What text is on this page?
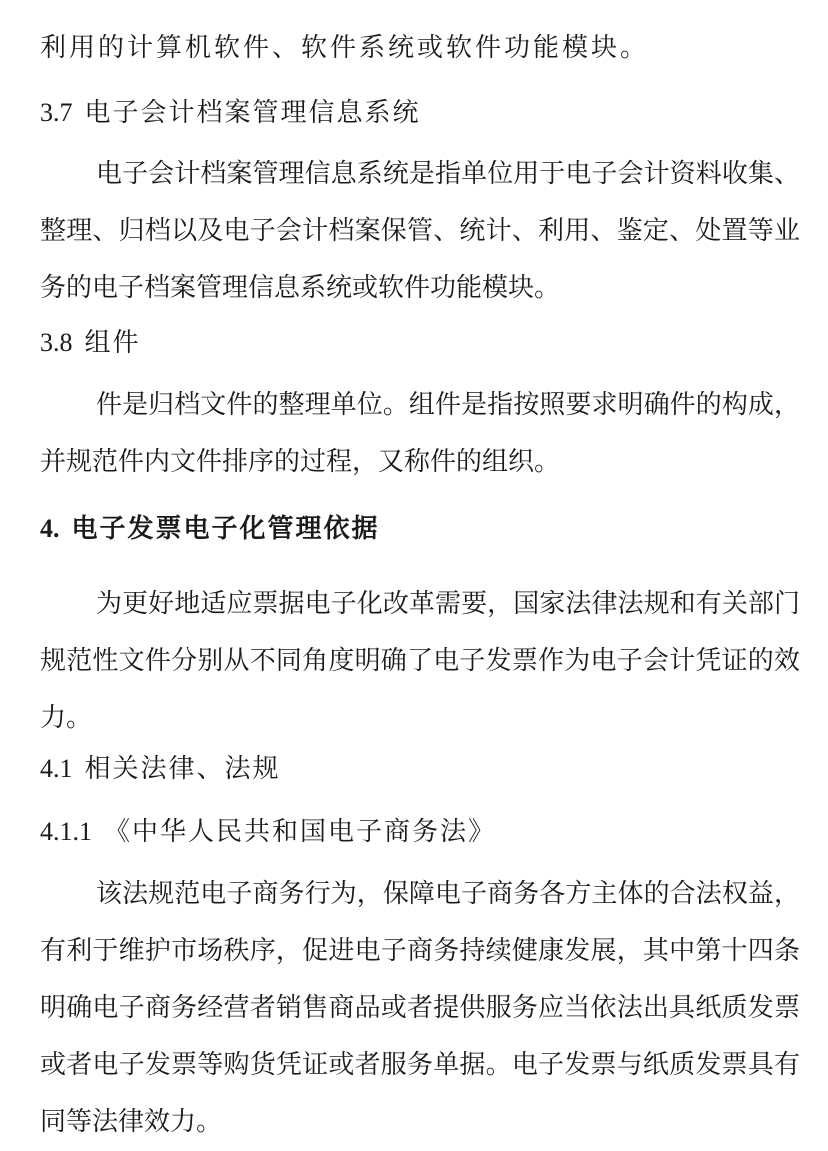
利用的计算机软件、软件系统或软件功能模块。
3.7 电子会计档案管理信息系统
电子会计档案管理信息系统是指单位用于电子会计资料收集、整理、归档以及电子会计档案保管、统计、利用、鉴定、处置等业务的电子档案管理信息系统或软件功能模块。
3.8 组件
件是归档文件的整理单位。组件是指按照要求明确件的构成，并规范件内文件排序的过程，又称件的组织。
4. 电子发票电子化管理依据
为更好地适应票据电子化改革需要，国家法律法规和有关部门规范性文件分别从不同角度明确了电子发票作为电子会计凭证的效力。
4.1 相关法律、法规
4.1.1 《中华人民共和国电子商务法》
该法规范电子商务行为，保障电子商务各方主体的合法权益，有利于维护市场秩序，促进电子商务持续健康发展，其中第十四条明确电子商务经营者销售商品或者提供服务应当依法出具纸质发票或者电子发票等购货凭证或者服务单据。电子发票与纸质发票具有同等法律效力。
